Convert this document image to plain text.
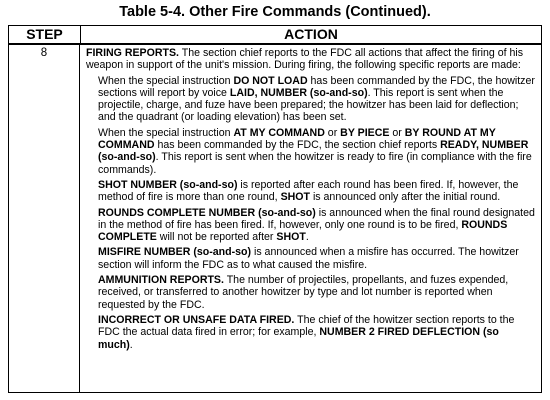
Table 5-4. Other Fire Commands (Continued).
STEP	ACTION
8	FIRING REPORTS. The section chief reports to the FDC all actions that affect the firing of his weapon in support of the unit's mission. During firing, the following specific reports are made:

When the special instruction DO NOT LOAD has been commanded by the FDC, the howitzer sections will report by voice LAID, NUMBER (so-and-so). This report is sent when the projectile, charge, and fuze have been prepared; the howitzer has been laid for deflection; and the quadrant (or loading elevation) has been set.

When the special instruction AT MY COMMAND or BY PIECE or BY ROUND AT MY COMMAND has been commanded by the FDC, the section chief reports READY, NUMBER (so-and-so). This report is sent when the howitzer is ready to fire (in compliance with the fire commands).

SHOT NUMBER (so-and-so) is reported after each round has been fired. If, however, the method of fire is more than one round, SHOT is announced only after the initial round.

ROUNDS COMPLETE NUMBER (so-and-so) is announced when the final round designated in the method of fire has been fired. If, however, only one round is to be fired, ROUNDS COMPLETE will not be reported after SHOT.

MISFIRE NUMBER (so-and-so) is announced when a misfire has occurred. The howitzer section will inform the FDC as to what caused the misfire.

AMMUNITION REPORTS. The number of projectiles, propellants, and fuzes expended, received, or transferred to another howitzer by type and lot number is reported when requested by the FDC.

INCORRECT OR UNSAFE DATA FIRED. The chief of the howitzer section reports to the FDC the actual data fired in error; for example, NUMBER 2 FIRED DEFLECTION (so much).
